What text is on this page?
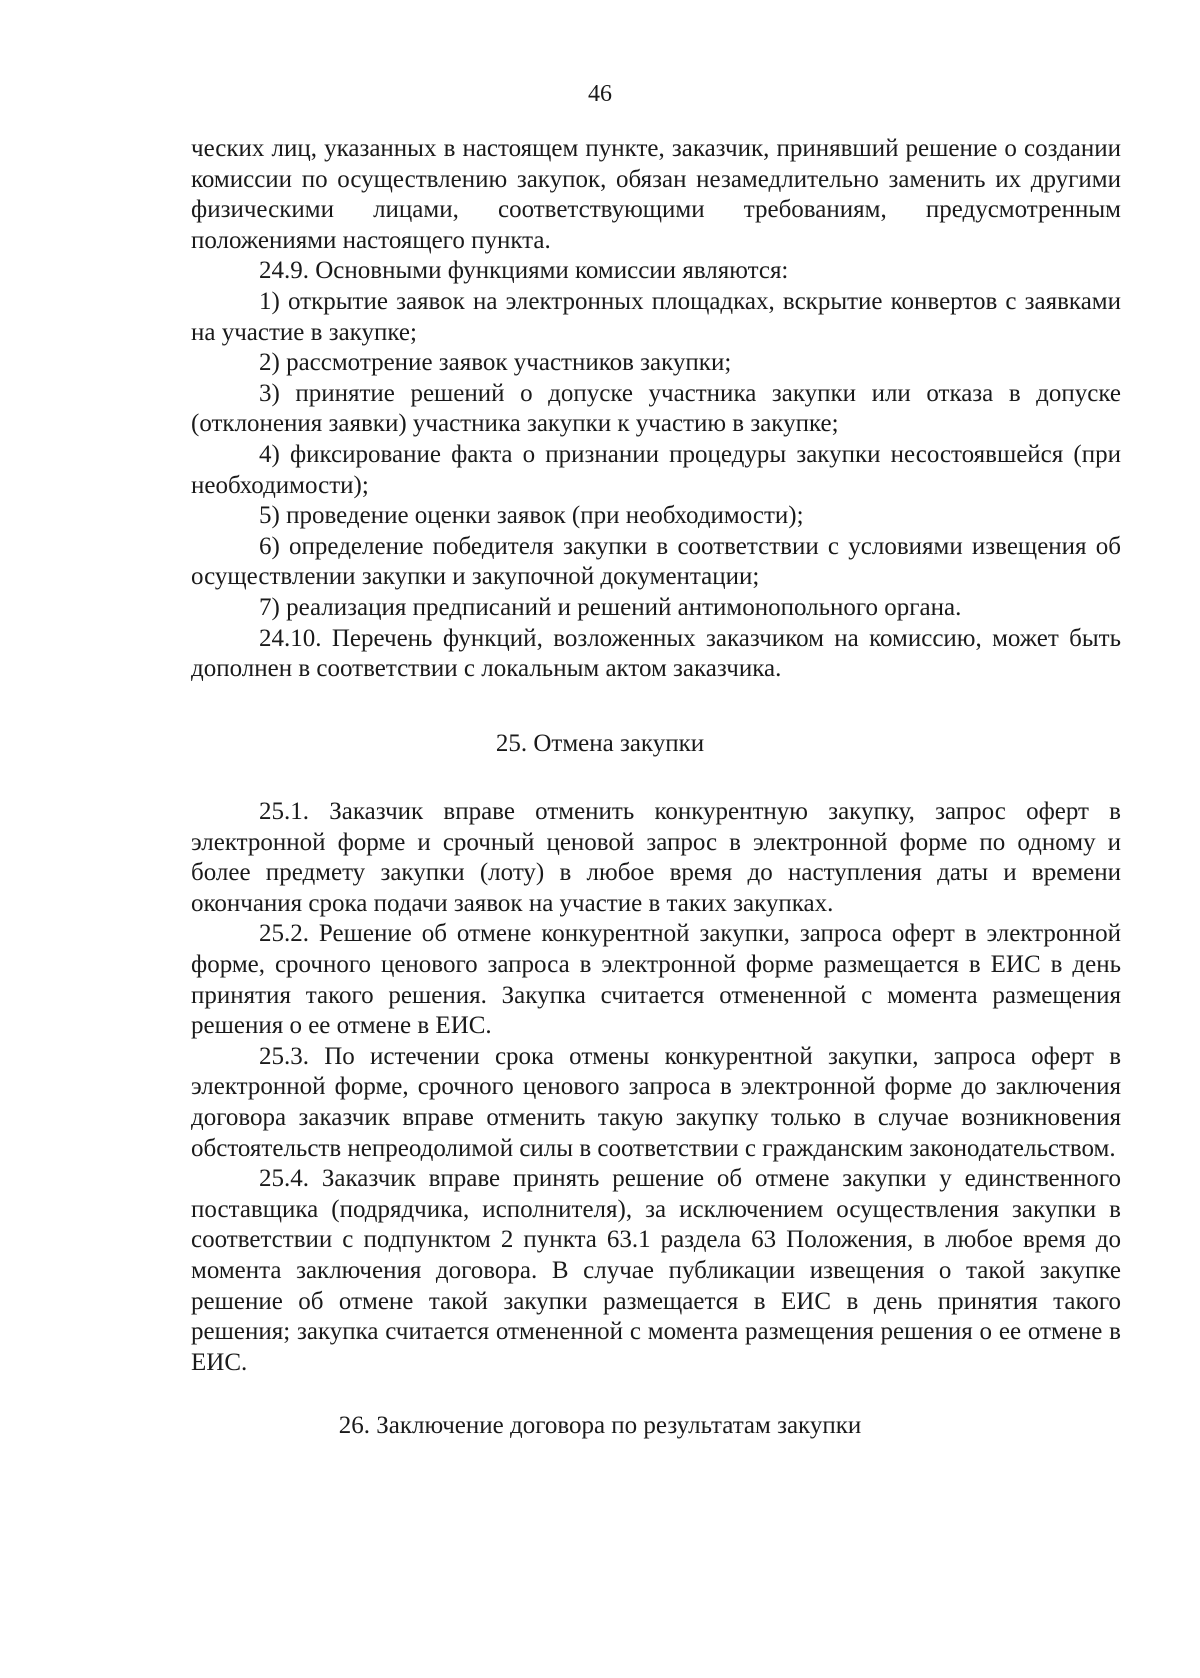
46

ческих лиц, указанных в настоящем пункте, заказчик, принявший решение о создании комиссии по осуществлению закупок, обязан незамедлительно заменить их другими физическими лицами, соответствующими требованиям, предусмотренным положениями настоящего пункта.

24.9. Основными функциями комиссии являются:

1) открытие заявок на электронных площадках, вскрытие конвертов с заявками на участие в закупке;

2) рассмотрение заявок участников закупки;

3) принятие решений о допуске участника закупки или отказа в допуске (отклонения заявки) участника закупки к участию в закупке;

4) фиксирование факта о признании процедуры закупки несостоявшейся (при необходимости);

5) проведение оценки заявок (при необходимости);

6) определение победителя закупки в соответствии с условиями извещения об осуществлении закупки и закупочной документации;

7) реализация предписаний и решений антимонопольного органа.

24.10. Перечень функций, возложенных заказчиком на комиссию, может быть дополнен в соответствии с локальным актом заказчика.

25. Отмена закупки

25.1. Заказчик вправе отменить конкурентную закупку, запрос оферт в электронной форме и срочный ценовой запрос в электронной форме по одному и более предмету закупки (лоту) в любое время до наступления даты и времени окончания срока подачи заявок на участие в таких закупках.

25.2. Решение об отмене конкурентной закупки, запроса оферт в электронной форме, срочного ценового запроса в электронной форме размещается в ЕИС в день принятия такого решения. Закупка считается отмененной с момента размещения решения о ее отмене в ЕИС.

25.3. По истечении срока отмены конкурентной закупки, запроса оферт в электронной форме, срочного ценового запроса в электронной форме до заключения договора заказчик вправе отменить такую закупку только в случае возникновения обстоятельств непреодолимой силы в соответствии с гражданским законодательством.

25.4. Заказчик вправе принять решение об отмене закупки у единственного поставщика (подрядчика, исполнителя), за исключением осуществления закупки в соответствии с подпунктом 2 пункта 63.1 раздела 63 Положения, в любое время до момента заключения договора. В случае публикации извещения о такой закупке решение об отмене такой закупки размещается в ЕИС в день принятия такого решения; закупка считается отмененной с момента размещения решения о ее отмене в ЕИС.

26. Заключение договора по результатам закупки
